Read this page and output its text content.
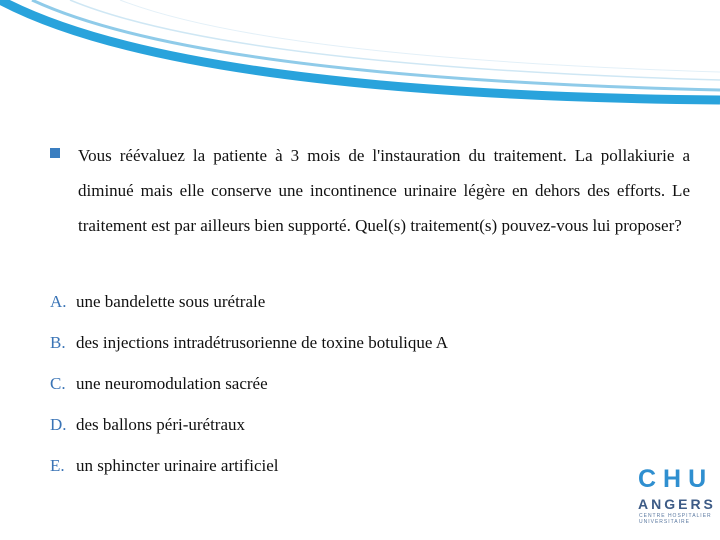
Vous réévaluez la patiente à 3 mois de l'instauration du traitement. La pollakiurie a diminué mais elle conserve une incontinence urinaire légère en dehors des efforts. Le traitement est par ailleurs bien supporté. Quel(s) traitement(s) pouvez-vous lui proposer?
A. une bandelette sous urétrale
B. des injections intradétrusorienne de toxine botulique A
C. une neuromodulation sacrée
D. des ballons péri-urétraux
E. un sphincter urinaire artificiel	CHU
ANGERS
CENTRE HOSPITALIER UNIVERSITAIRE
